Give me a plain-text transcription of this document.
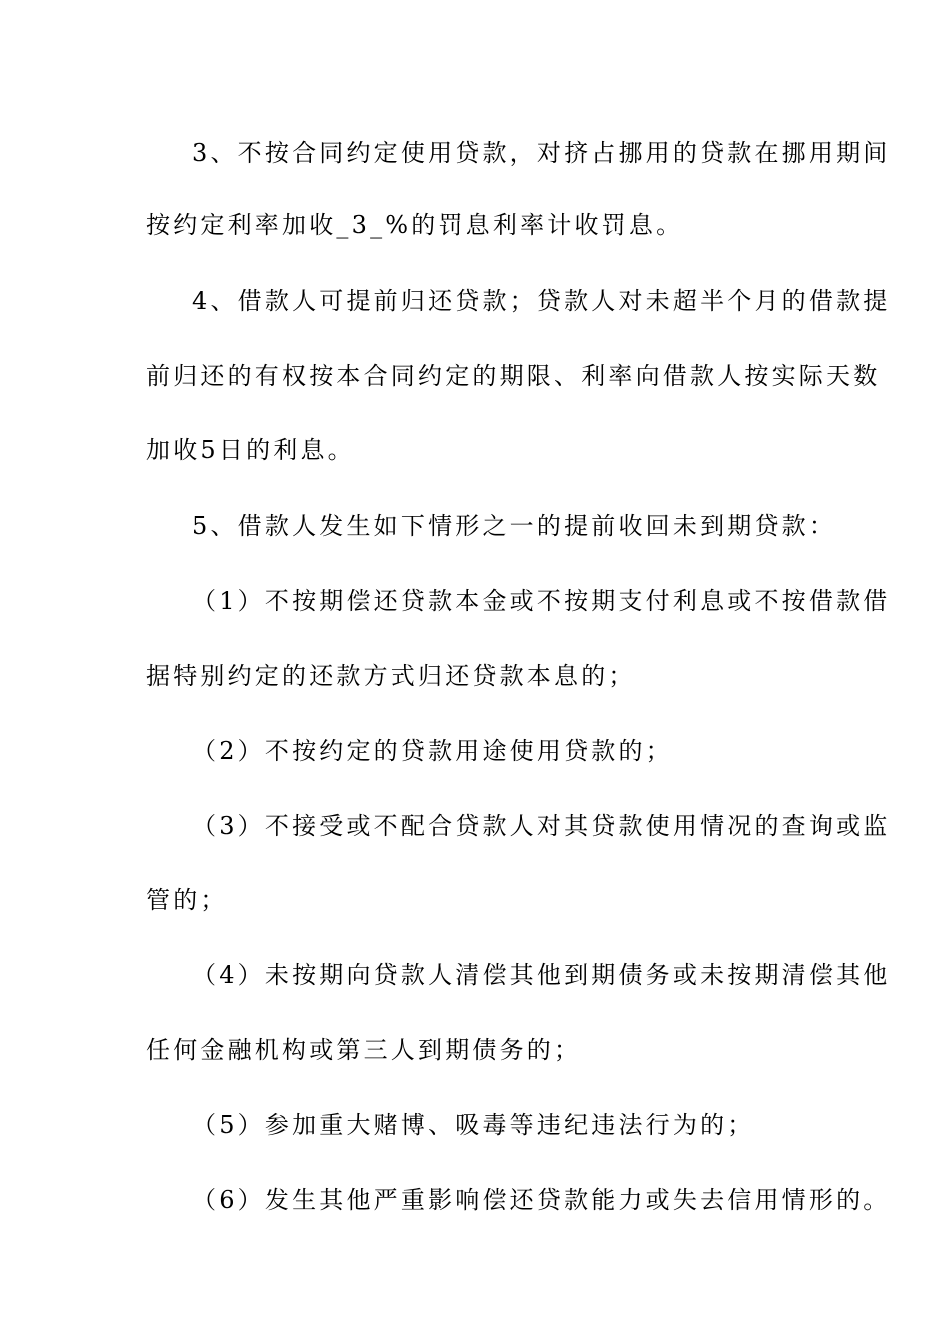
3、不按合同约定使用贷款，对挤占挪用的贷款在挪用期间
按约定利率加收_3_%的罚息利率计收罚息。
4、借款人可提前归还贷款；贷款人对未超半个月的借款提
前归还的有权按本合同约定的期限、利率向借款人按实际天数
加收5日的利息。
5、借款人发生如下情形之一的提前收回未到期贷款：
（1）不按期偿还贷款本金或不按期支付利息或不按借款借
据特别约定的还款方式归还贷款本息的；
（2）不按约定的贷款用途使用贷款的；
（3）不接受或不配合贷款人对其贷款使用情况的查询或监
管的；
（4）未按期向贷款人清偿其他到期债务或未按期清偿其他
任何金融机构或第三人到期债务的；
（5）参加重大赌博、吸毒等违纪违法行为的；
（6）发生其他严重影响偿还贷款能力或失去信用情形的。
